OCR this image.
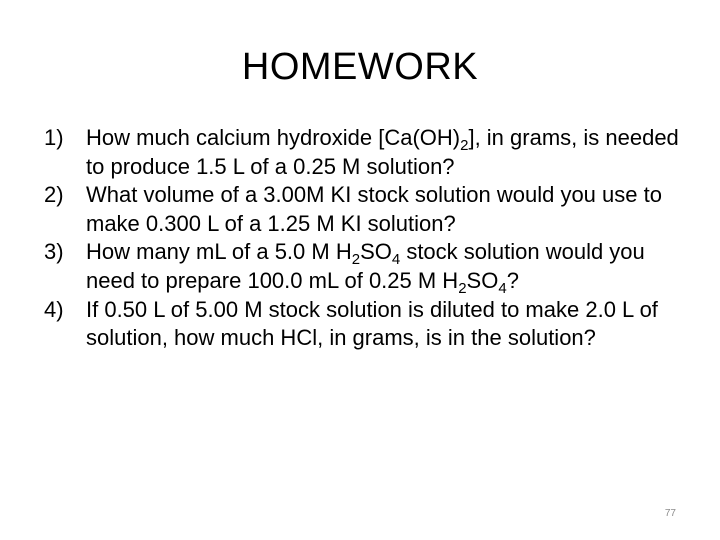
HOMEWORK
1)	How much calcium hydroxide $[Ca(OH)_2]$, in grams, is needed to produce 1.5 L of a 0.25 M solution?
2)	What volume of a 3.00M KI stock solution would you use to make 0.300 L of a 1.25 M KI solution?
3)	How many mL of a 5.0 M $H_2SO_4$ stock solution would you need to prepare 100.0 mL of 0.25 M $H_2SO_4$?
4)	If 0.50 L of 5.00 M stock solution is diluted to make 2.0 L of solution, how much HCl, in grams, is in the solution?
77
